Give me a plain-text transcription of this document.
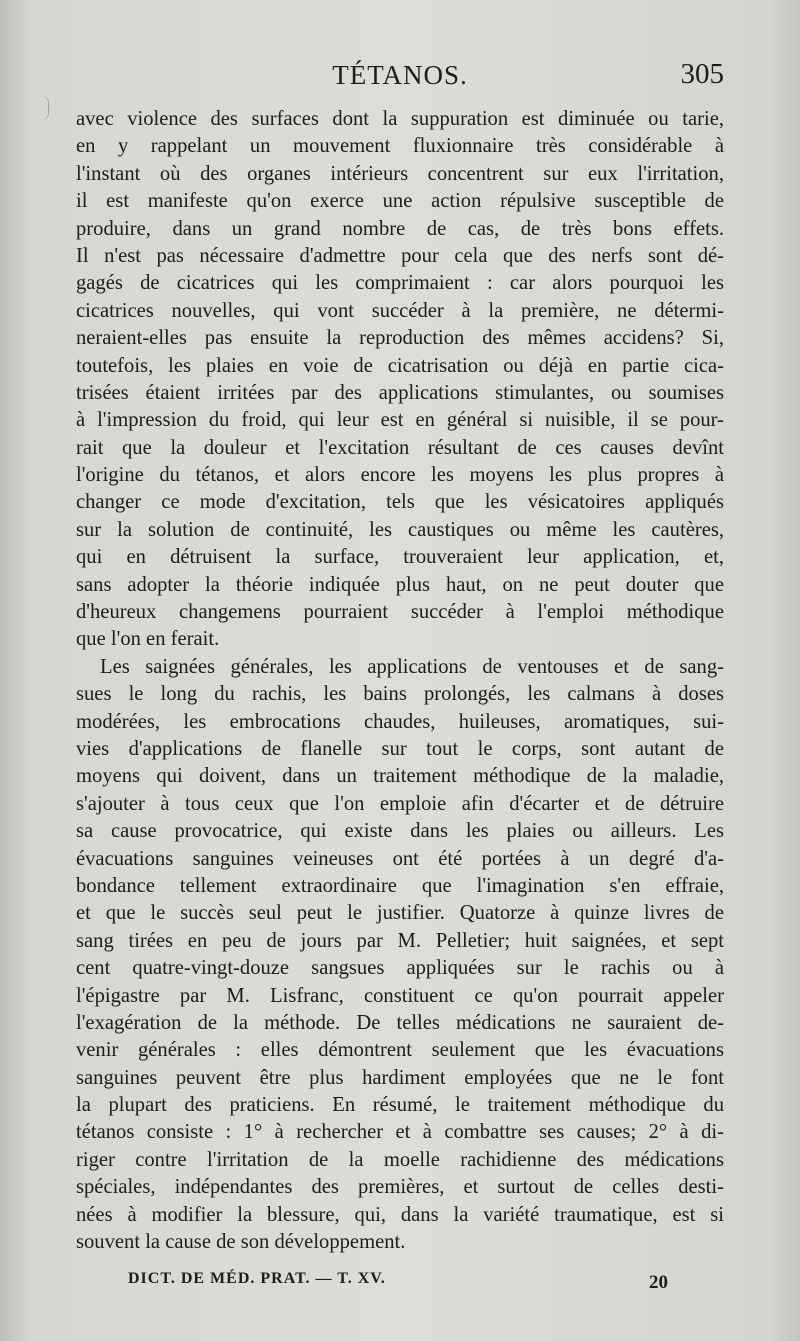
TÉTANOS.	305
avec violence des surfaces dont la suppuration est diminuée ou tarie,
en y rappelant un mouvement fluxionnaire très considérable à
l'instant où des organes intérieurs concentrent sur eux l'irritation,
il est manifeste qu'on exerce une action répulsive susceptible de
produire, dans un grand nombre de cas, de très bons effets.
Il n'est pas nécessaire d'admettre pour cela que des nerfs sont dé-
gagés de cicatrices qui les comprimaient : car alors pourquoi les
cicatrices nouvelles, qui vont succéder à la première, ne détermi-
neraient-elles pas ensuite la reproduction des mêmes accidens? Si,
toutefois, les plaies en voie de cicatrisation ou déjà en partie cica-
trisées étaient irritées par des applications stimulantes, ou soumises
à l'impression du froid, qui leur est en général si nuisible, il se pour-
rait que la douleur et l'excitation résultant de ces causes devînt
l'origine du tétanos, et alors encore les moyens les plus propres à
changer ce mode d'excitation, tels que les vésicatoires appliqués
sur la solution de continuité, les caustiques ou même les cautères,
qui en détruisent la surface, trouveraient leur application, et,
sans adopter la théorie indiquée plus haut, on ne peut douter que
d'heureux changemens pourraient succéder à l'emploi méthodique
que l'on en ferait.
Les saignées générales, les applications de ventouses et de sang-
sues le long du rachis, les bains prolongés, les calmans à doses
modérées, les embrocations chaudes, huileuses, aromatiques, sui-
vies d'applications de flanelle sur tout le corps, sont autant de
moyens qui doivent, dans un traitement méthodique de la maladie,
s'ajouter à tous ceux que l'on emploie afin d'écarter et de détruire
sa cause provocatrice, qui existe dans les plaies ou ailleurs. Les
évacuations sanguines veineuses ont été portées à un degré d'a-
bondance tellement extraordinaire que l'imagination s'en effraie,
et que le succès seul peut le justifier. Quatorze à quinze livres de
sang tirées en peu de jours par M. Pelletier; huit saignées, et sept
cent quatre-vingt-douze sangsues appliquées sur le rachis ou à
l'épigastre par M. Lisfranc, constituent ce qu'on pourrait appeler
l'exagération de la méthode. De telles médications ne sauraient de-
venir générales : elles démontrent seulement que les évacuations
sanguines peuvent être plus hardiment employées que ne le font
la plupart des praticiens. En résumé, le traitement méthodique du
tétanos consiste : 1° à rechercher et à combattre ses causes; 2° à di-
riger contre l'irritation de la moelle rachidienne des médications
spéciales, indépendantes des premières, et surtout de celles desti-
nées à modifier la blessure, qui, dans la variété traumatique, est si
souvent la cause de son développement.
DICT. DE MÉD. PRAT. — T. XV.	20
